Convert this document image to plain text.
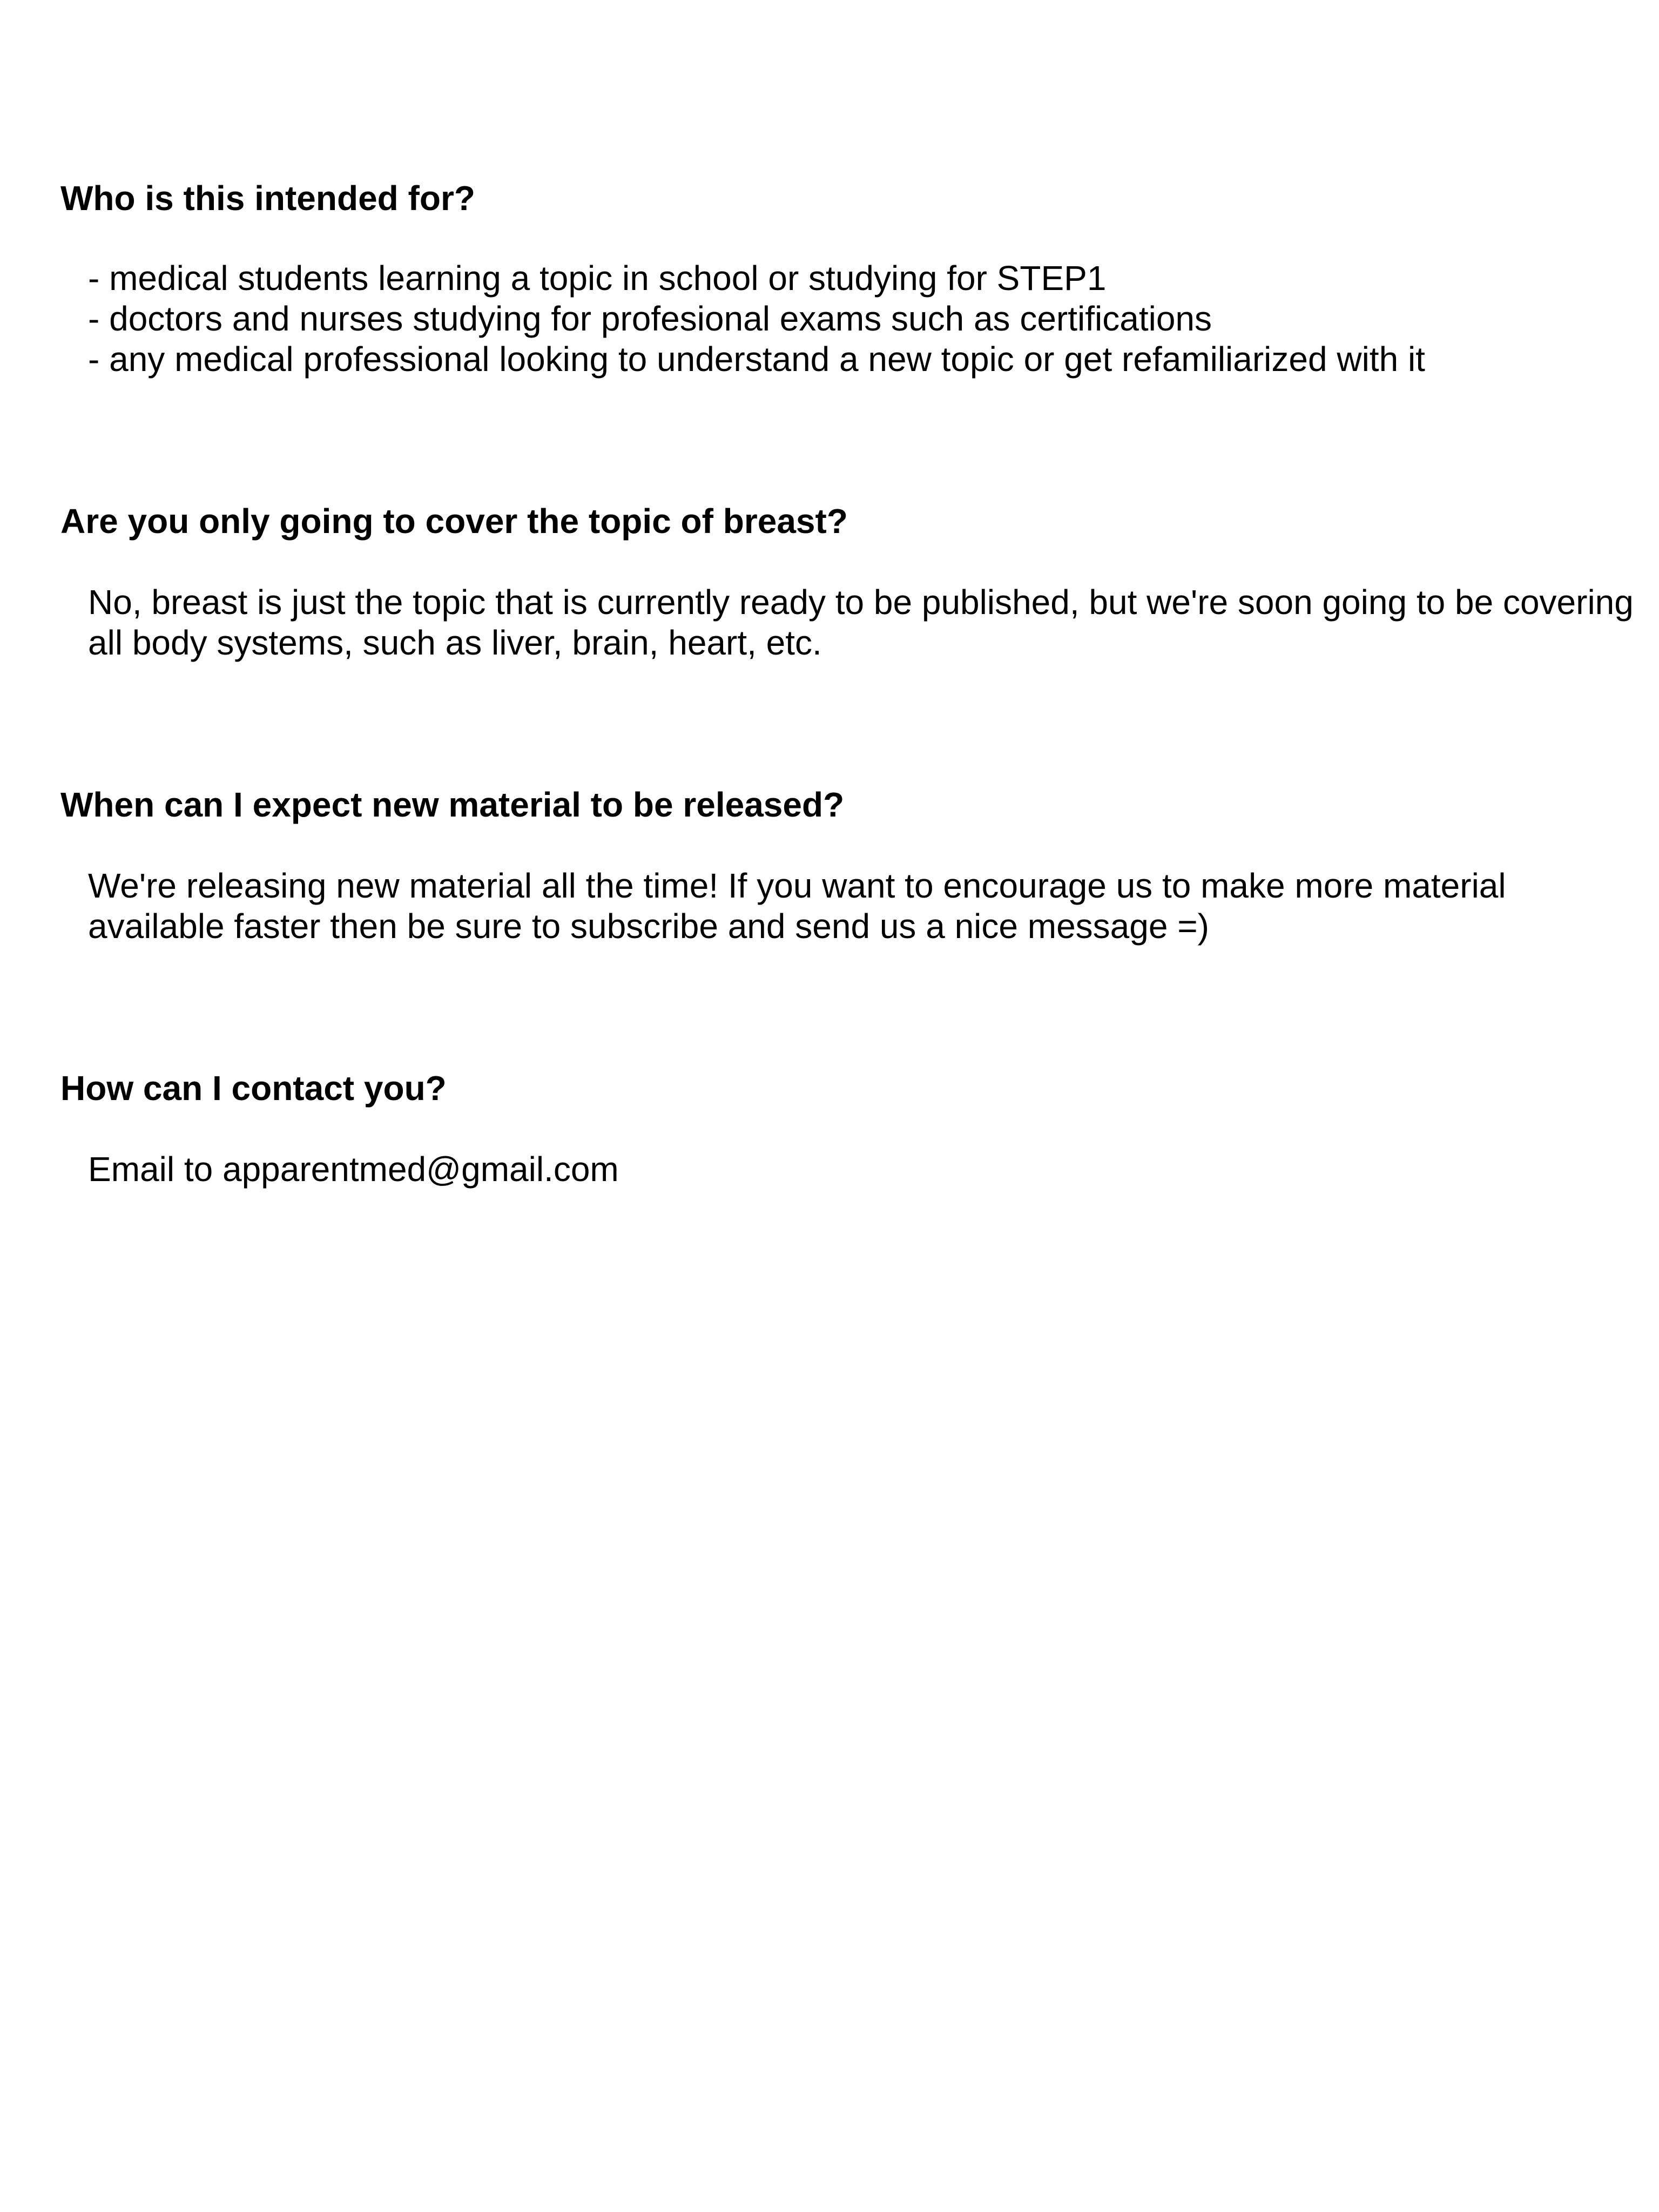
Who is this intended for?

- medical students learning a topic in school or studying for STEP1

- doctors and nurses studying for profesional exams such as certifications

- any medical professional looking to understand a new topic or get refamiliarized with it

Are you only going to cover the topic of breast?

No, breast is just the topic that is currently ready to be published, but we're soon going to be covering

all body systems, such as liver, brain, heart, etc.

When can I expect new material to be released?

We're releasing new material all the time! If you want to encourage us to make more material

available faster then be sure to subscribe and send us a nice message =)

How can I contact you?

Email to apparentmed@gmail.com
